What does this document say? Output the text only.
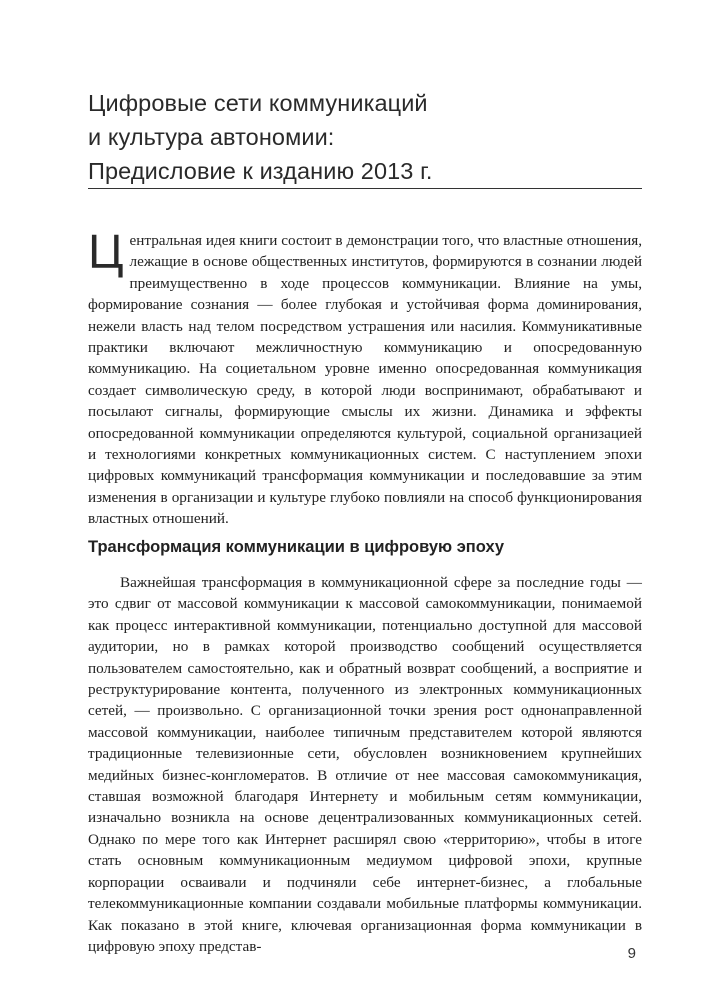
Цифровые сети коммуникаций
и культура автономии:
Предисловие к изданию 2013 г.
Ц ентральная идея книги состоит в демонстрации того, что властные отношения, лежащие в основе общественных институтов, формируются в сознании людей преимущественно в ходе процессов коммуникации. Влияние на умы, формирование сознания — более глубокая и устойчивая форма доминирования, нежели власть над телом посредством устрашения или насилия. Коммуникативные практики включают межличностную коммуникацию и опосредованную коммуникацию. На социетальном уровне именно опосредованная коммуникация создает символическую среду, в которой люди воспринимают, обрабатывают и посылают сигналы, формирующие смыслы их жизни. Динамика и эффекты опосредованной коммуникации определяются культурой, социальной организацией и технологиями конкретных коммуникационных систем. С наступлением эпохи цифровых коммуникаций трансформация коммуникации и последовавшие за этим изменения в организации и культуре глубоко повлияли на способ функционирования властных отношений.
Трансформация коммуникации в цифровую эпоху
Важнейшая трансформация в коммуникационной сфере за последние годы — это сдвиг от массовой коммуникации к массовой самокоммуникации, понимаемой как процесс интерактивной коммуникации, потенциально доступной для массовой аудитории, но в рамках которой производство сообщений осуществляется пользователем самостоятельно, как и обратный возврат сообщений, а восприятие и реструктурирование контента, полученного из электронных коммуникационных сетей, — произвольно. С организационной точки зрения рост однонаправленной массовой коммуникации, наиболее типичным представителем которой являются традиционные телевизионные сети, обусловлен возникновением крупнейших медийных бизнес-конгломератов. В отличие от нее массовая самокоммуникация, ставшая возможной благодаря Интернету и мобильным сетям коммуникации, изначально возникла на основе децентрализованных коммуникационных сетей. Однако по мере того как Интернет расширял свою «территорию», чтобы в итоге стать основным коммуникационным медиумом цифровой эпохи, крупные корпорации осваивали и подчиняли себе интернет-бизнес, а глобальные телекоммуникационные компании создавали мобильные платформы коммуникации. Как показано в этой книге, ключевая организационная форма коммуникации в цифровую эпоху представ-	9
